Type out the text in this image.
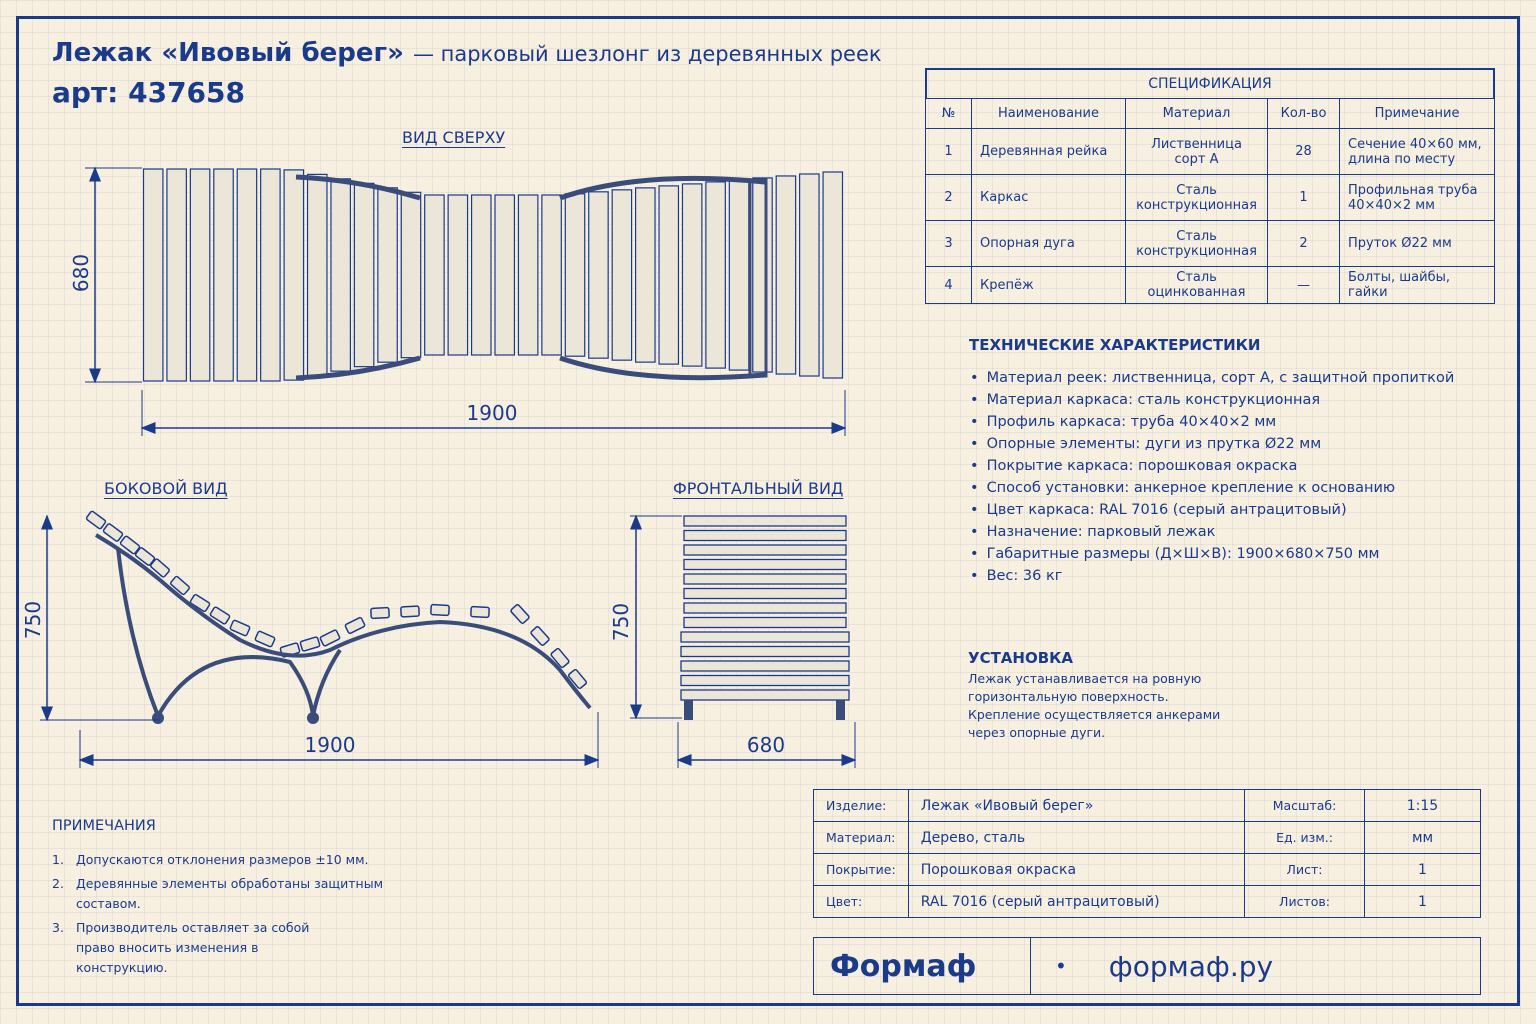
Лежак «Ивовый берег» — парковый шезлонг из деревянных реек
арт: 437658
ВИД СВЕРХУ
БОКОВОЙ ВИД	ФРОНТАЛЬНЫЙ ВИД
680
1900
750
1900
750
680
СПЕЦИФИКАЦИЯ
№	Наименование	Материал	Кол-во	Примечание
1	Деревянная рейка	Лиственница сорт А	28	Сечение 40×60 мм, длина по месту
2	Каркас	Сталь конструкционная	1	Профильная труба 40×40×2 мм
3	Опорная дуга	Сталь конструкционная	2	Пруток Ø22 мм
4	Крепёж	Сталь оцинкованная	—	Болты, шайбы, гайки
ТЕХНИЧЕСКИЕ ХАРАКТЕРИСТИКИ
• Материал реек: лиственница, сорт А, с защитной пропиткой
• Материал каркаса: сталь конструкционная
• Профиль каркаса: труба 40×40×2 мм
• Опорные элементы: дуги из прутка Ø22 мм
• Покрытие каркаса: порошковая окраска
• Способ установки: анкерное крепление к основанию
• Цвет каркаса: RAL 7016 (серый антрацитовый)
• Назначение: парковый лежак
• Габаритные размеры (Д×Ш×В): 1900×680×750 мм
• Вес: 36 кг
УСТАНОВКА
Лежак устанавливается на ровную горизонтальную поверхность. Крепление осуществляется анкерами через опорные дуги.
ПРИМЕЧАНИЯ
1. Допускаются отклонения размеров ±10 мм.
2. Деревянные элементы обработаны защитным составом.
3. Производитель оставляет за собой право вносить изменения в конструкцию.
Изделие:	Лежак «Ивовый берег»	Масштаб:	1:15
Материал:	Дерево, сталь	Ед. изм.:	мм
Покрытие:	Порошковая окраска	Лист:	1
Цвет:	RAL 7016 (серый антрацитовый)	Листов:	1
Формаф	• формаф.ру
